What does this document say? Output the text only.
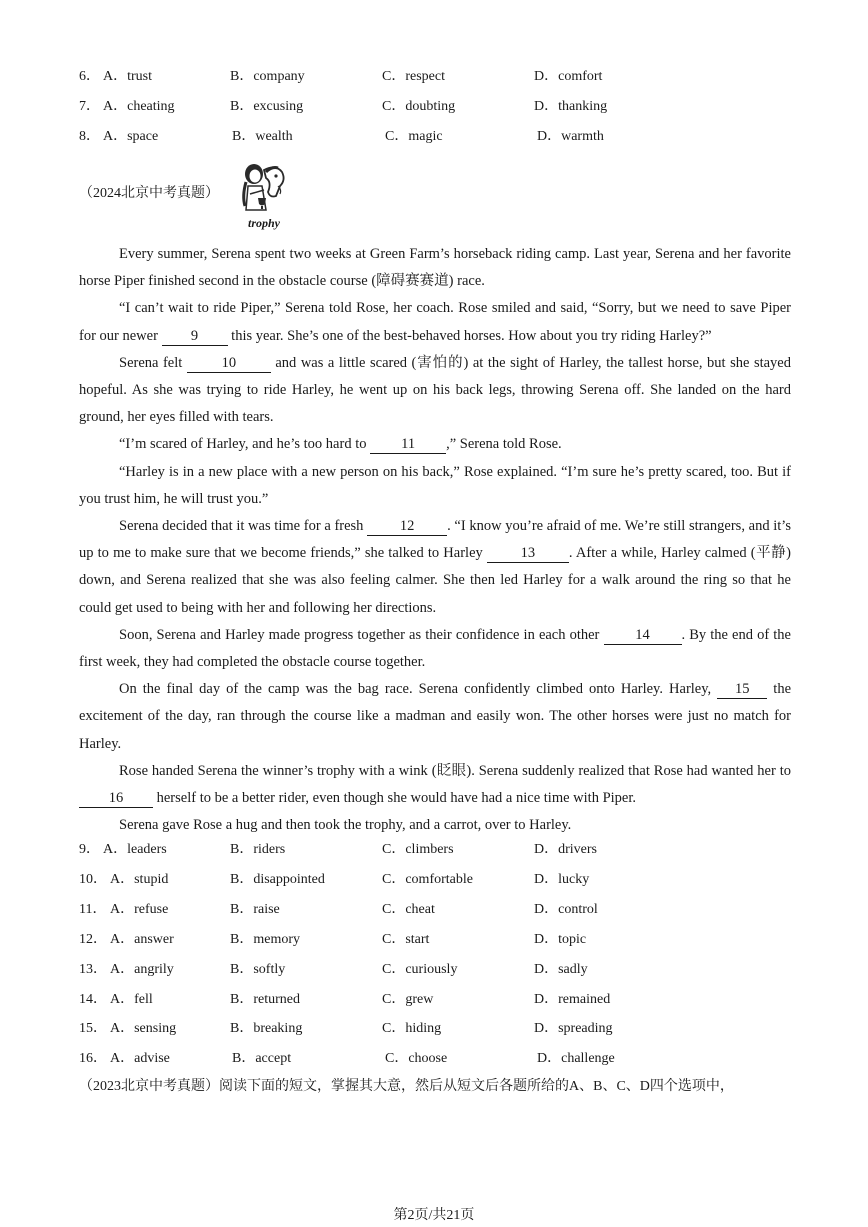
6． A．trust	B．company	C．respect	D．comfort
7． A．cheating	B．excusing	C．doubting	D．thanking
8． A．space	B．wealth	C．magic	D．warmth
（2024北京中考真题）
trophy

Every summer, Serena spent two weeks at Green Farm’s horseback riding camp. Last year, Serena and her favorite horse Piper finished second in the obstacle course (障碍赛赛道) race.

“I can’t wait to ride Piper,” Serena told Rose, her coach. Rose smiled and said, “Sorry, but we need to save Piper for our newer 9 this year. She’s one of the best-behaved horses. How about you try riding Harley?”

Serena felt	10	and was a little scared (害怕的) at the sight of Harley, the tallest horse, but she stayed hopeful. As she was trying to ride Harley, he went up on his back legs, throwing Serena off. She landed on the hard ground, her eyes filled with tears.

“I’m scared of Harley, and he’s too hard to 11 ,” Serena told Rose.

“Harley is in a new place with a new person on his back,” Rose explained. “I’m sure he’s pretty scared, too. But if you trust him, he will trust you.”

Serena decided that it was time for a fresh	12 . “I know you’re afraid of me. We’re still strangers, and it’s up to me to make sure that we become friends,” she talked to Harley	13 . After a while, Harley calmed (平静) down, and Serena realized that she was also feeling calmer. She then led Harley for a walk around the ring so that he could get used to being with her and following her directions.

Soon, Serena and Harley made progress together as their confidence in each other 14 . By the end of the first week, they had completed the obstacle course together.

On the final day of the camp was the bag race. Serena confidently climbed onto Harley. Harley, 15 the excitement of the day, ran through the course like a madman and easily won. The other horses were just no match for Harley.

Rose handed Serena the winner’s trophy with a wink (眨眼). Serena suddenly realized that Rose had wanted her to 16 herself to be a better rider, even though she would have had a nice time with Piper.

Serena gave Rose a hug and then took the trophy, and a carrot, over to Harley.

9． A．leaders	B．riders	C．climbers	D．drivers
10． A．stupid	B．disappointed	C．comfortable	D．lucky
11． A．refuse	B．raise	C．cheat	D．control
12． A．answer	B．memory	C．start	D．topic
13． A．angrily	B．softly	C．curiously	D．sadly
14． A．fell	B．returned	C．grew	D．remained
15． A．sensing	B．breaking	C．hiding	D．spreading
16． A．advise	B．accept	C．choose	D．challenge
（2023北京中考真题）阅读下面的短文，掌握其大意，然后从短文后各题所给的A、B、C、D四个选项中，
第2页/共21页
